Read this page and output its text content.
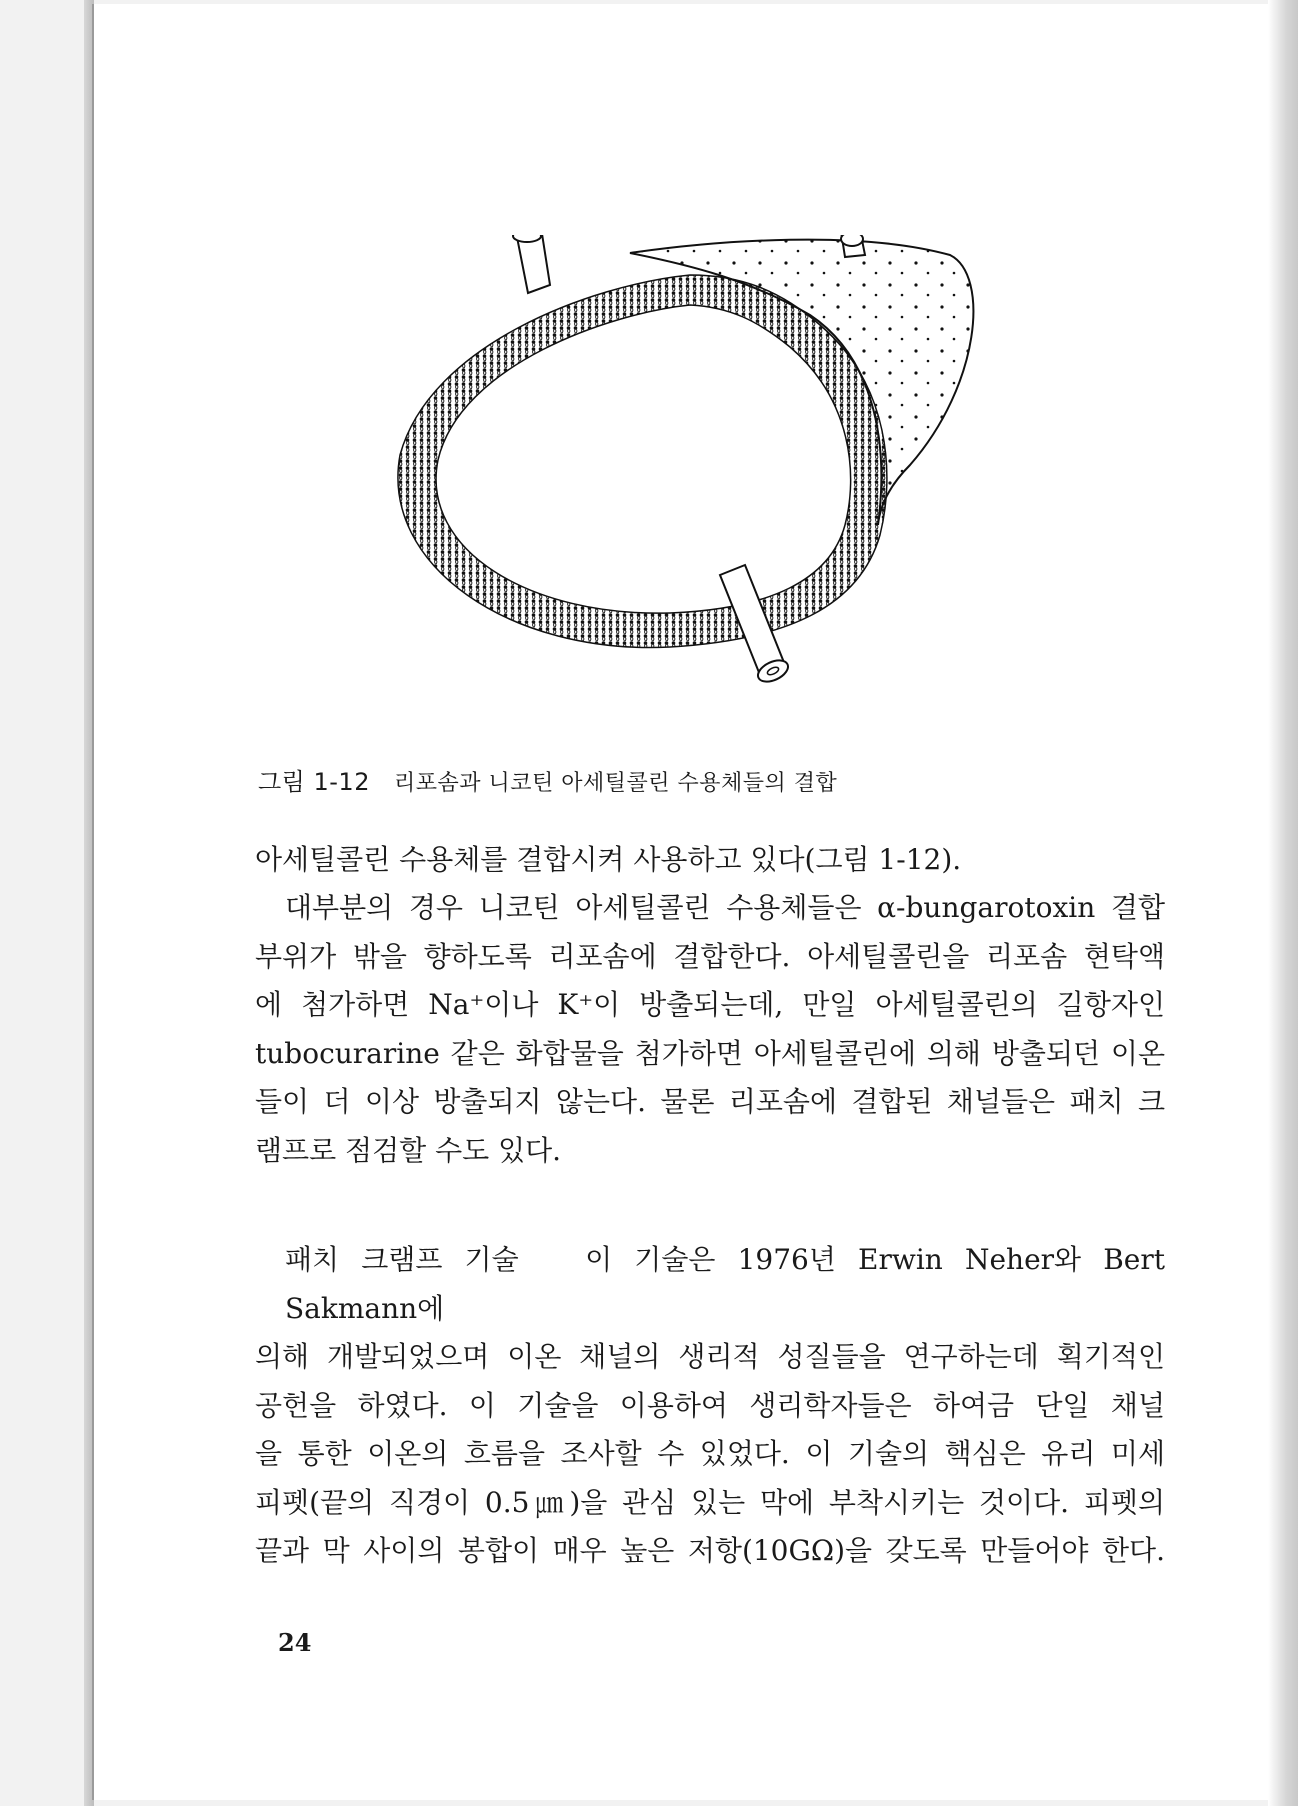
그림 1-12 리포솜과 니코틴 아세틸콜린 수용체들의 결합
아세틸콜린 수용체를 결합시켜 사용하고 있다(그림 1-12).
대부분의 경우 니코틴 아세틸콜린 수용체들은 α-bungarotoxin 결합
부위가 밖을 향하도록 리포솜에 결합한다. 아세틸콜린을 리포솜 현탁액
에 첨가하면 Na⁺이나 K⁺이 방출되는데, 만일 아세틸콜린의 길항자인
tubocurarine 같은 화합물을 첨가하면 아세틸콜린에 의해 방출되던 이온
들이 더 이상 방출되지 않는다. 물론 리포솜에 결합된 채널들은 패치 크
램프로 점검할 수도 있다.
패치 크램프 기술 이 기술은 1976년 Erwin Neher와 Bert Sakmann에
의해 개발되었으며 이온 채널의 생리적 성질들을 연구하는데 획기적인
공헌을 하였다. 이 기술을 이용하여 생리학자들은 하여금 단일 채널
을 통한 이온의 흐름을 조사할 수 있었다. 이 기술의 핵심은 유리 미세
피펫(끝의 직경이 0.5㎛)을 관심 있는 막에 부착시키는 것이다. 피펫의
끝과 막 사이의 봉합이 매우 높은 저항(10GΩ)을 갖도록 만들어야 한다.
24
